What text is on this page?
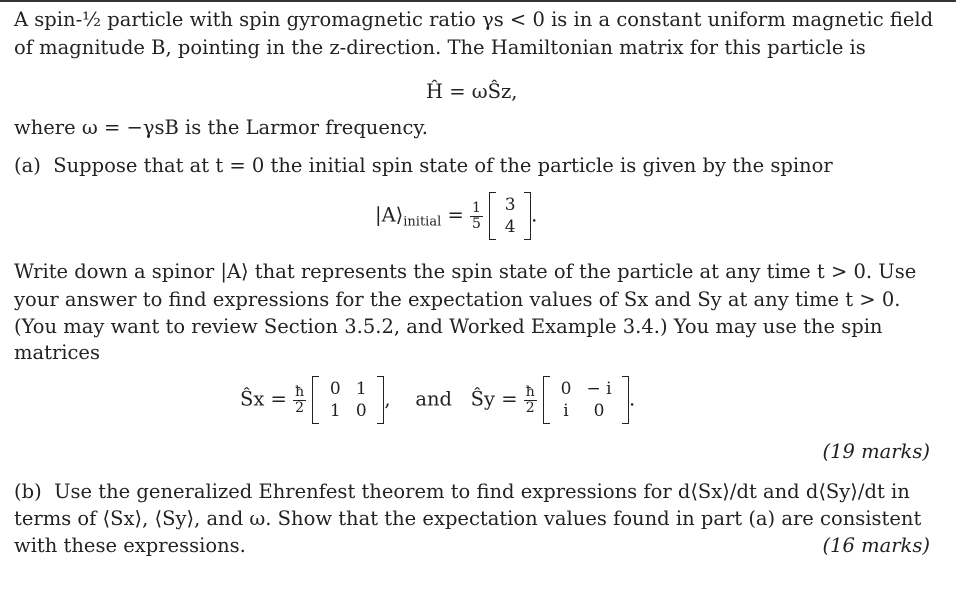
A spin-½ particle with spin gyromagnetic ratio γs < 0 is in a constant uniform magnetic field
of magnitude B, pointing in the z-direction. The Hamiltonian matrix for this particle is
Ĥ = ωŜz,
where ω = −γsB is the Larmor frequency.
(a) Suppose that at t = 0 the initial spin state of the particle is given by the spinor
$|A⟩_{initial} = \frac{1}{5}$
	3
4
.
Write down a spinor |A⟩ that represents the spin state of the particle at any time t > 0. Use
your answer to find expressions for the expectation values of Sx and Sy at any time t > 0.
(You may want to review Section 3.5.2, and Worked Example 3.4.) You may use the spin
matrices
Ŝx = $\frac{ħ}{2}$
	0 1
1 0
,    and Ŝy = $\frac{ħ}{2}$
	0 − i
i	0
.
(19 marks)
(b) Use the generalized Ehrenfest theorem to find expressions for d⟨Sx⟩/dt and d⟨Sy⟩/dt in
terms of ⟨Sx⟩, ⟨Sy⟩, and ω. Show that the expectation values found in part (a) are consistent
with these expressions.	(16 marks)
